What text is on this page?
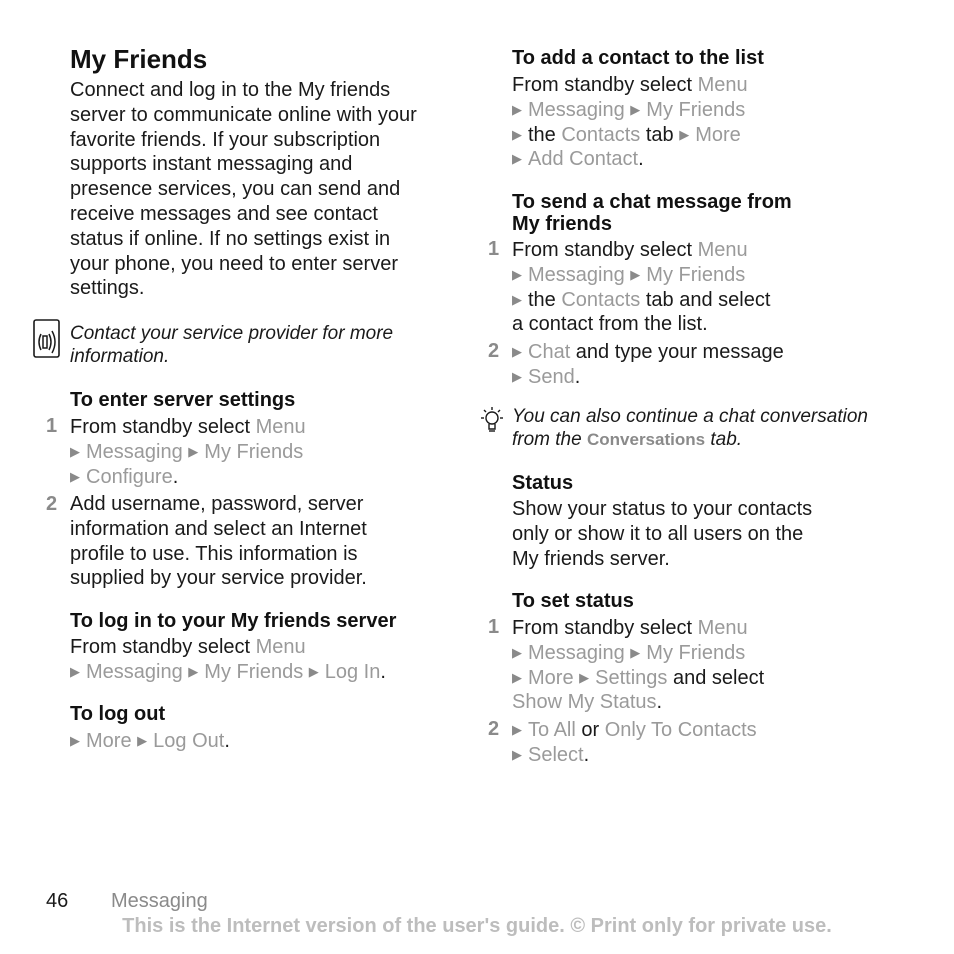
My Friends
Connect and log in to the My friends
server to communicate online with your
favorite friends. If your subscription
supports instant messaging and
presence services, you can send and
receive messages and see contact
status if online. If no settings exist in
your phone, you need to enter server
settings.
Contact your service provider for more
information.
To enter server settings
1 From standby select Menu
▶ Messaging ▶ My Friends
▶ Configure.
2 Add username, password, server
information and select an Internet
profile to use. This information is
supplied by your service provider.
To log in to your My friends server
From standby select Menu
▶ Messaging ▶ My Friends ▶ Log In.
To log out
▶ More ▶ Log Out.
To add a contact to the list
From standby select Menu
▶ Messaging ▶ My Friends
▶ the Contacts tab ▶ More
▶ Add Contact.
To send a chat message from
My friends
1 From standby select Menu
▶ Messaging ▶ My Friends
▶ the Contacts tab and select
a contact from the list.
2 ▶ Chat and type your message
▶ Send.
You can also continue a chat conversation
from the Conversations tab.
Status
Show your status to your contacts
only or show it to all users on the
My friends server.
To set status
1 From standby select Menu
▶ Messaging ▶ My Friends
▶ More ▶ Settings and select
Show My Status.
2 ▶ To All or Only To Contacts
▶ Select.
46 Messaging
This is the Internet version of the user's guide. © Print only for private use.
